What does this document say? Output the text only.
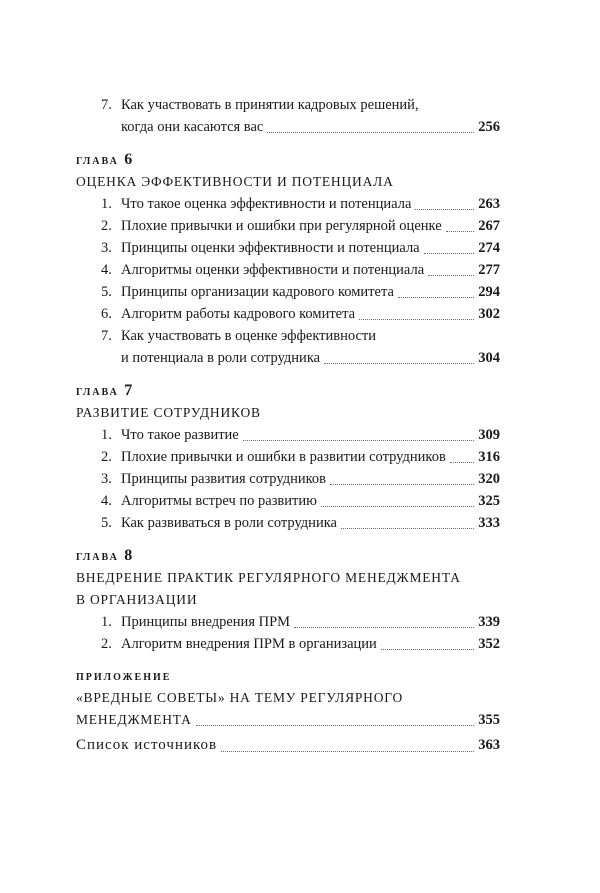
7. Как участвовать в принятии кадровых решений,
когда они касаются вас	256
глава 6
ОЦЕНКА ЭФФЕКТИВНОСТИ И ПОТЕНЦИАЛА
1. Что такое оценка эффективности и потенциала	263
2. Плохие привычки и ошибки при регулярной оценке	267
3. Принципы оценки эффективности и потенциала	274
4. Алгоритмы оценки эффективности и потенциала	277
5. Принципы организации кадрового комитета	294
6. Алгоритм работы кадрового комитета	302
7. Как участвовать в оценке эффективности
и потенциала в роли сотрудника	304
глава 7
РАЗВИТИЕ СОТРУДНИКОВ
1. Что такое развитие	309
2. Плохие привычки и ошибки в развитии сотрудников 316
3. Принципы развития сотрудников	320
4. Алгоритмы встреч по развитию	325
5. Как развиваться в роли сотрудника	333
глава 8
ВНЕДРЕНИЕ ПРАКТИК РЕГУЛЯРНОГО МЕНЕДЖМЕНТА
В ОРГАНИЗАЦИИ
1. Принципы внедрения ПРМ	339
2. Алгоритм внедрения ПРМ в организации	352
приложение
«ВРЕДНЫЕ СОВЕТЫ» НА ТЕМУ РЕГУЛЯРНОГО
МЕНЕДЖМЕНТА	355
Список источников	363
